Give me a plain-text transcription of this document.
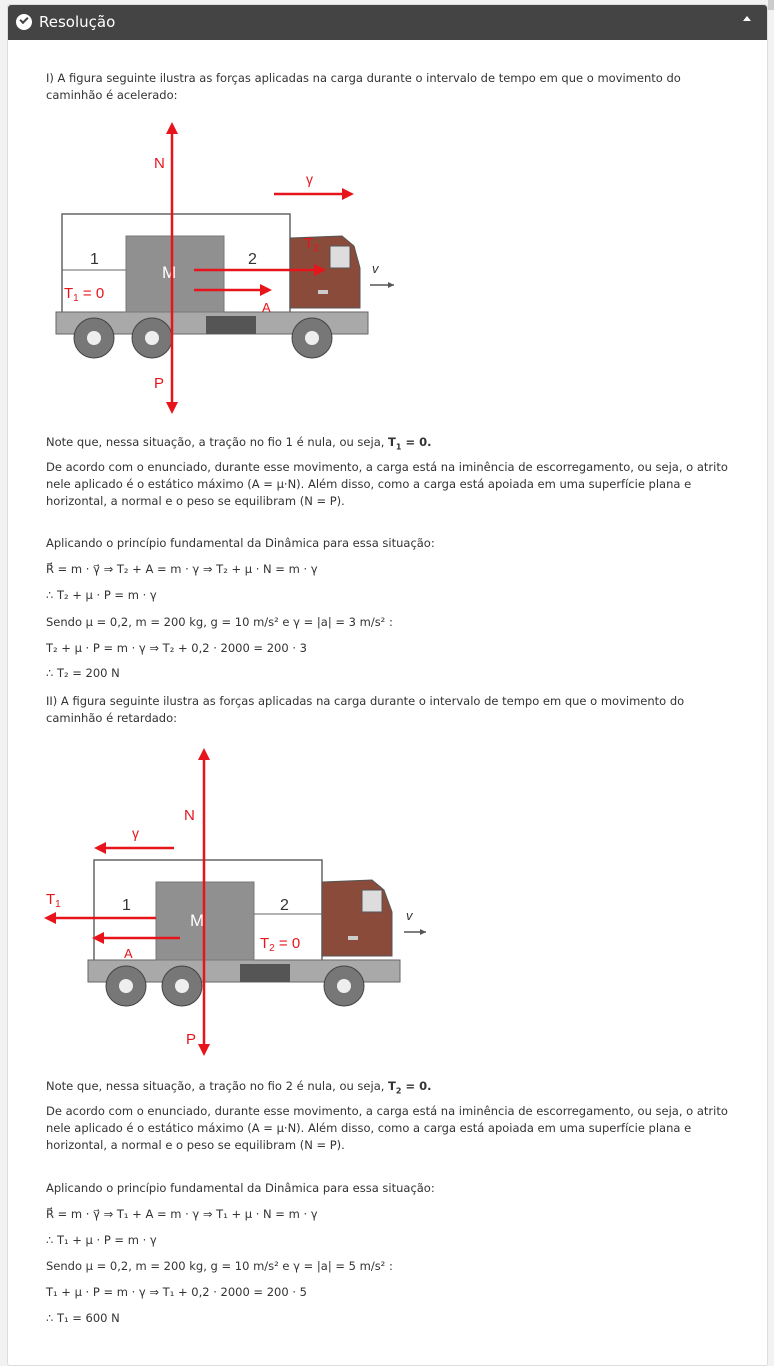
Resolução

I) A figura seguinte ilustra as forças aplicadas na carga durante o intervalo de tempo em que o movimento do caminhão é acelerado:

M
1	2
$T_1 = 0$
v
N
P
γ
$T_2$
A

Note que, nessa situação, a tração no fio 1 é nula, ou seja, $T_1 = 0$.

De acordo com o enunciado, durante esse movimento, a carga está na iminência de escorregamento, ou seja, o atrito nele aplicado é o estático máximo (A = μ·N). Além disso, como a carga está apoiada em uma superfície plana e horizontal, a normal e o peso se equilibram (N = P).

Aplicando o princípio fundamental da Dinâmica para essa situação:

R⃗ = m · γ⃗ ⇒ T₂ + A = m · γ ⇒ T₂ + μ · N = m · γ

∴ T₂ + μ · P = m · γ

Sendo μ = 0,2, m = 200 kg, g = 10 m/s² e γ = |a| = 3 m/s² :

T₂ + μ · P = m · γ ⇒ T₂ + 0,2 · 2000 = 200 · 3

∴ T₂ = 200 N

II) A figura seguinte ilustra as forças aplicadas na carga durante o intervalo de tempo em que o movimento do caminhão é retardado:

M
1	2
$T_2 = 0$
v
N
P
γ
$T_1$
A

Note que, nessa situação, a tração no fio 2 é nula, ou seja, $T_2 = 0$.

De acordo com o enunciado, durante esse movimento, a carga está na iminência de escorregamento, ou seja, o atrito nele aplicado é o estático máximo (A = μ·N). Além disso, como a carga está apoiada em uma superfície plana e horizontal, a normal e o peso se equilibram (N = P).

Aplicando o princípio fundamental da Dinâmica para essa situação:

R⃗ = m · γ⃗ ⇒ T₁ + A = m · γ ⇒ T₁ + μ · N = m · γ

∴ T₁ + μ · P = m · γ

Sendo μ = 0,2, m = 200 kg, g = 10 m/s² e γ = |a| = 5 m/s² :

T₁ + μ · P = m · γ ⇒ T₁ + 0,2 · 2000 = 200 · 5

∴ T₁ = 600 N
